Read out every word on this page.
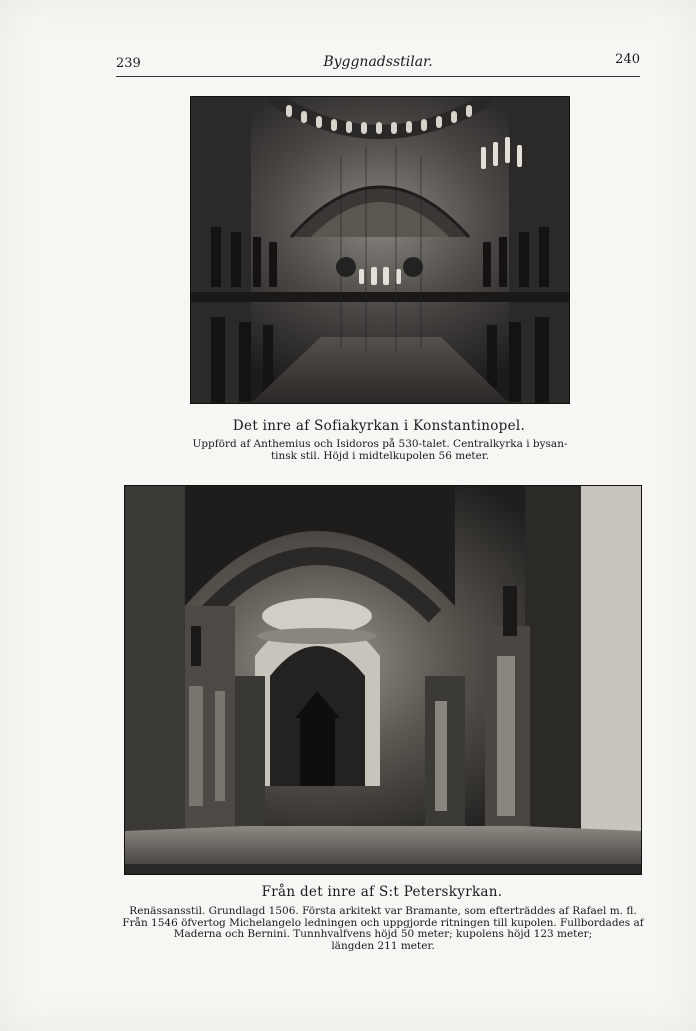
239	Byggnadsstilar.	240
Det inre af Sofiakyrkan i Konstantinopel.
Uppförd af Anthemius och Isidoros på 530-talet. Centralkyrka i bysan-
tinsk stil. Höjd i midtelkupolen 56 meter.
Från det inre af S:t Peterskyrkan.
Renässansstil. Grundlagd 1506. Första arkitekt var Bramante, som efterträddes af Rafael m. fl.
Från 1546 öfvertog Michelangelo ledningen och uppgjorde ritningen till kupolen. Fullbordades af
Maderna och Bernini. Tunnhvalfvens höjd 50 meter; kupolens höjd 123 meter;
längden 211 meter.
